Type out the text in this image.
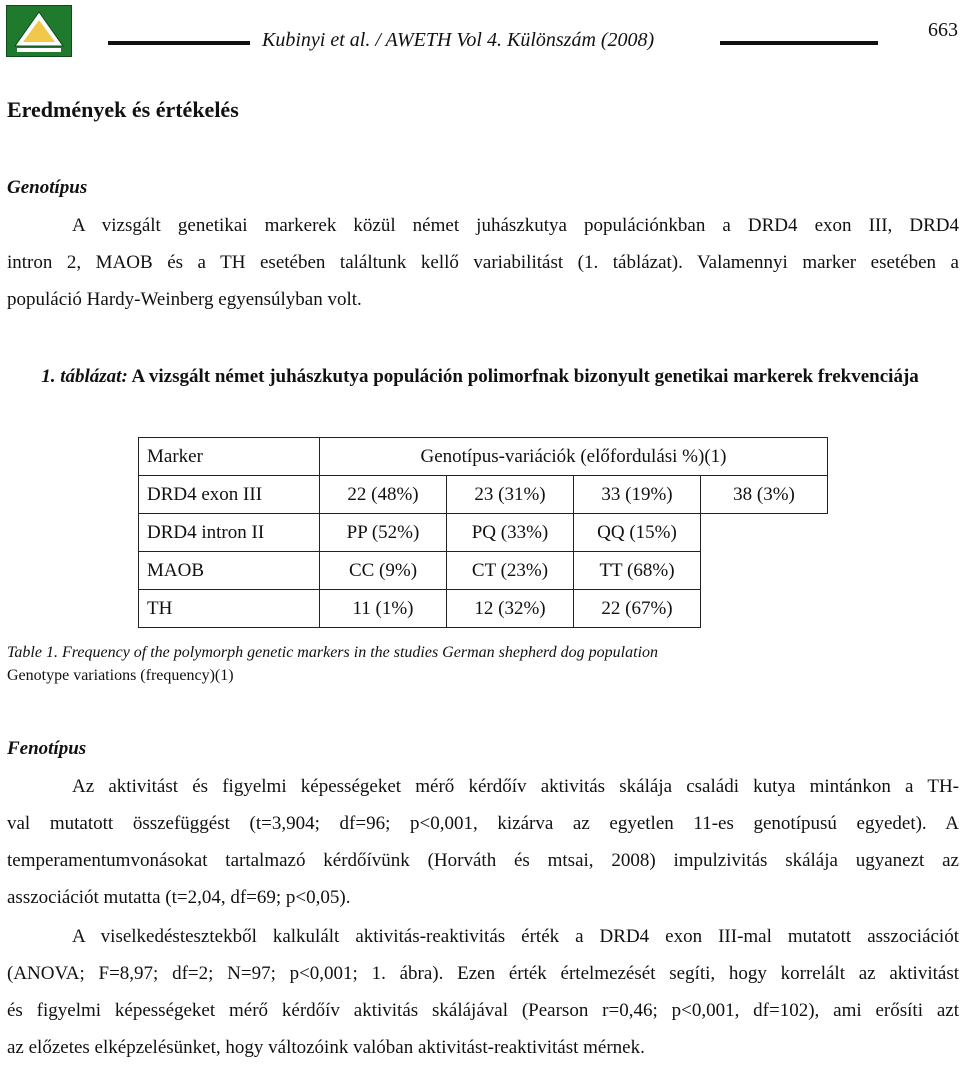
Kubinyi et al. / AWETH Vol 4. Különszám (2008)	663
Eredmények és értékelés
Genotípus
A vizsgált genetikai markerek közül német juhászkutya populációnkban a DRD4 exon III, DRD4
intron 2, MAOB és a TH esetében találtunk kellő variabilitást (1. táblázat). Valamennyi marker esetében a
populáció Hardy-Weinberg egyensúlyban volt.
1. táblázat: A vizsgált német juhászkutya populáción polimorfnak bizonyult genetikai markerek frekvenciája
Marker	Genotípus-variációk (előfordulási %)(1)			
DRD4 exon III	22 (48%)	23 (31%)	33 (19%)	38 (3%)
DRD4 intron II	PP (52%)	PQ (33%)	QQ (15%)	
MAOB	CC (9%)	CT (23%)	TT (68%)	
TH	11 (1%)	12 (32%)	22 (67%)	
Table 1. Frequency of the polymorph genetic markers in the studies German shepherd dog population
Genotype variations (frequency)(1)
Fenotípus
Az aktivitást és figyelmi képességeket mérő kérdőív aktivitás skálája családi kutya mintánkon a TH-
val mutatott összefüggést (t=3,904; df=96; p<0,001, kizárva az egyetlen 11-es genotípusú egyedet). A
temperamentumvonásokat tartalmazó kérdőívünk (Horváth és mtsai, 2008) impulzivitás skálája ugyanezt az
asszociációt mutatta (t=2,04, df=69; p<0,05).
A viselkedéstesztekből kalkulált aktivitás-reaktivitás érték a DRD4 exon III-mal mutatott asszociációt
(ANOVA; F=8,97; df=2; N=97; p<0,001; 1. ábra). Ezen érték értelmezését segíti, hogy korrelált az aktivitást
és figyelmi képességeket mérő kérdőív aktivitás skálájával (Pearson r=0,46; p<0,001, df=102), ami erősíti azt
az előzetes elképzelésünket, hogy változóink valóban aktivitást-reaktivitást mérnek.
